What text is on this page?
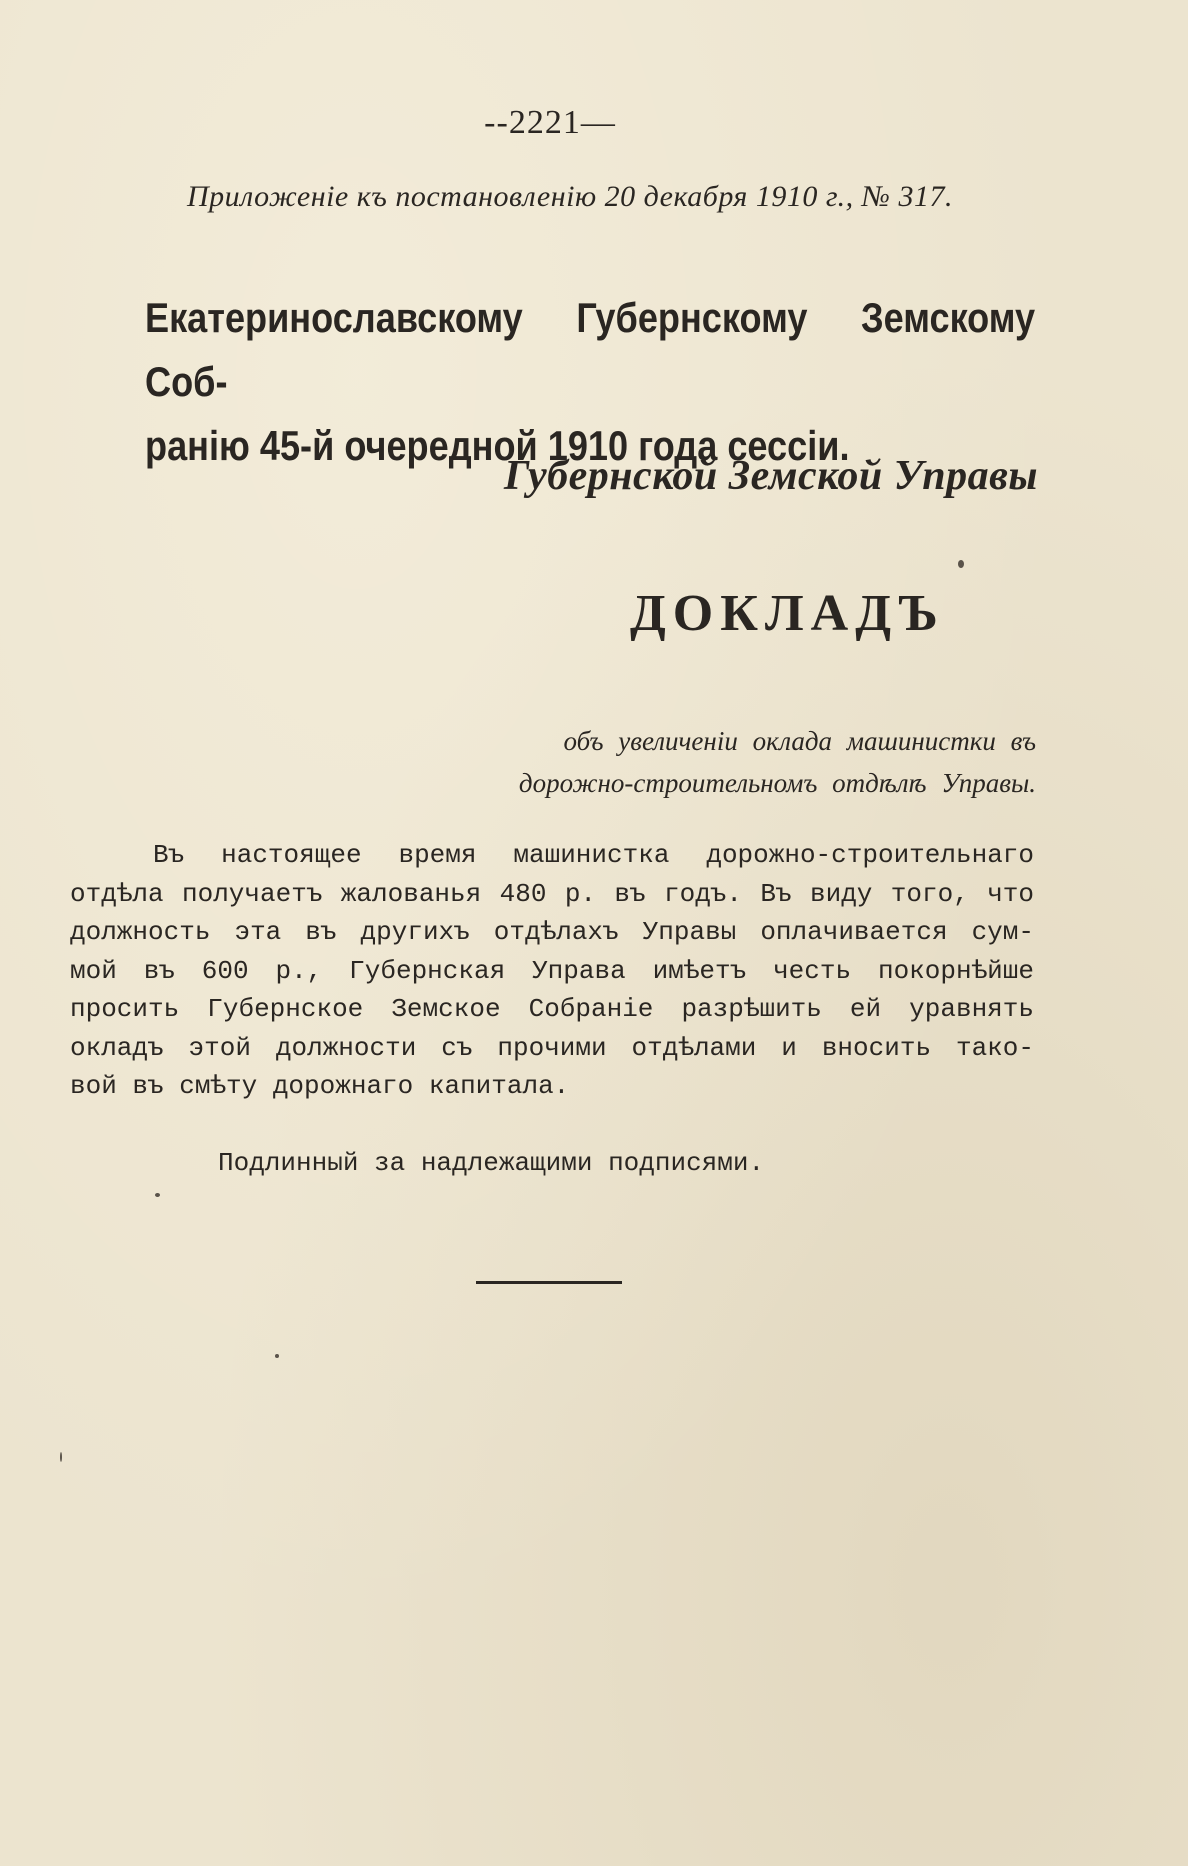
--2221—
Приложеніе къ постановленію 20 декабря 1910 г., № 317.
Екатеринославскому Губернскому Земскому Соб-
ранію 45-й очередной 1910 года сессіи.
Губернской Земской Управы
ДОКЛАДЪ
объ увеличеніи оклада машинистки въ
дорожно-строительномъ отдѣлѣ Управы.
Въ настоящее время машинистка дорожно-строительнаго
отдѣла получаетъ жалованья 480 р. въ годъ. Въ виду того, что
должность эта въ другихъ отдѣлахъ Управы оплачивается сум-
мой въ 600 р., Губернская Управа имѣетъ честь покорнѣйше
просить Губернское Земское Собраніе разрѣшить ей уравнять
окладъ этой должности съ прочими отдѣлами и вносить тако-
вой въ смѣту дорожнаго капитала.
Подлинный за надлежащими подписями.
